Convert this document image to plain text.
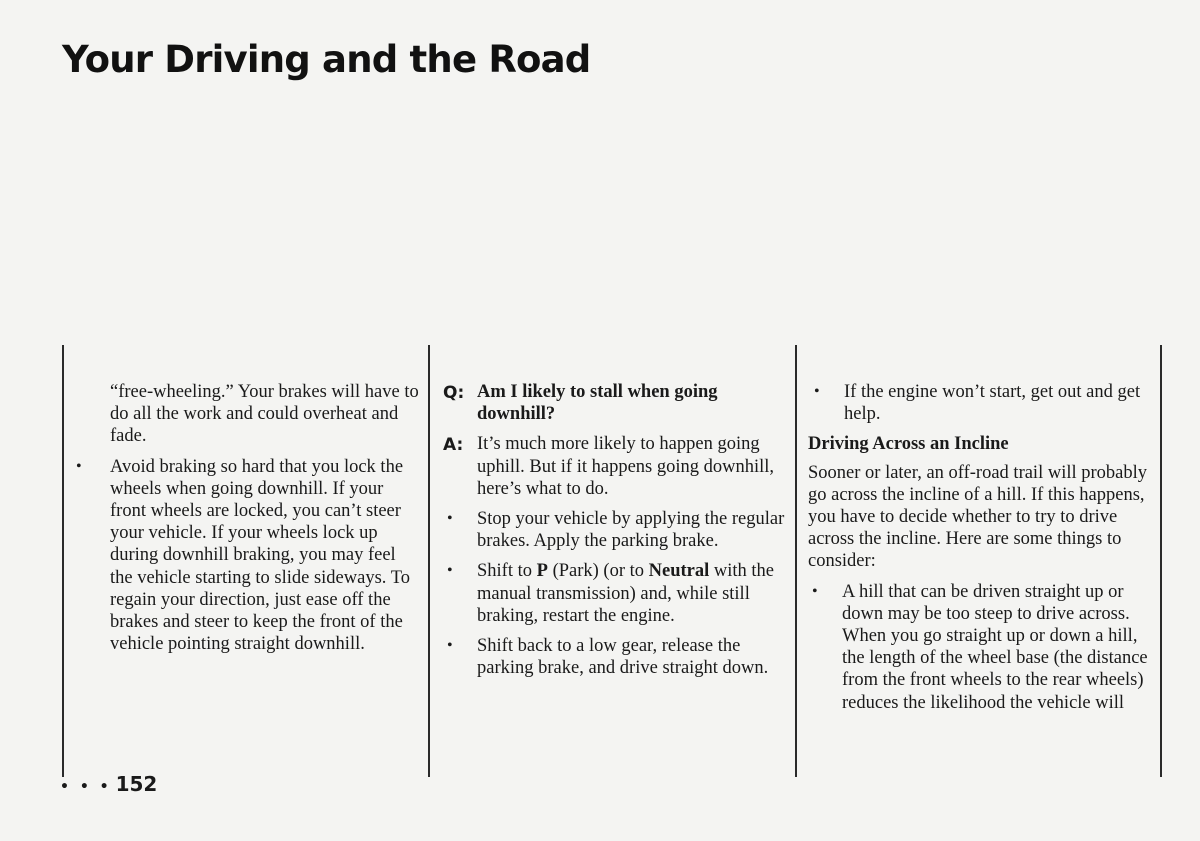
Your Driving and the Road

“free-wheeling.” Your brakes will have to do all the work and could overheat and fade.

• Avoid braking so hard that you lock the wheels when going downhill. If your front wheels are locked, you can’t steer your vehicle. If your wheels lock up during downhill braking, you may feel the vehicle starting to slide sideways. To regain your direction, just ease off the brakes and steer to keep the front of the vehicle pointing straight downhill.

Q: Am I likely to stall when going downhill?

A: It’s much more likely to happen going uphill. But if it happens going downhill, here’s what to do.

• Stop your vehicle by applying the regular brakes. Apply the parking brake.

• Shift to P (Park) (or to Neutral with the manual transmission) and, while still braking, restart the engine.

• Shift back to a low gear, release the parking brake, and drive straight down.

• If the engine won’t start, get out and get help.

Driving Across an Incline

Sooner or later, an off-road trail will probably go across the incline of a hill. If this happens, you have to decide whether to try to drive across the incline. Here are some things to consider:

• A hill that can be driven straight up or down may be too steep to drive across. When you go straight up or down a hill, the length of the wheel base (the distance from the front wheels to the rear wheels) reduces the likelihood the vehicle will

• • • 152
